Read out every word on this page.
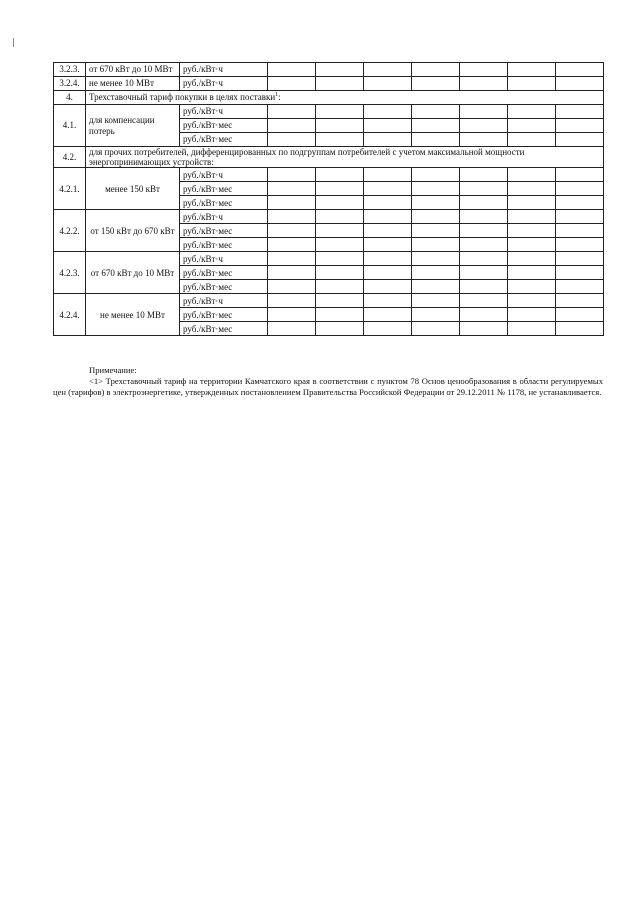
3.2.3.	от 670 кВт до 10 МВт	руб./кВт·ч							
3.2.4.	не менее 10 МВт	руб./кВт·ч							
4.	Трехставочный тариф покупки в целях поставки$^1$:								
4.1.	для компенсации потерь	руб./кВт·ч							
		руб./кВт·мес							
		руб./кВт·мес							
4.2.	для прочих потребителей, дифференцированных по подгруппам потребителей с учетом максимальной мощности энергопринимающих устройств:								
4.2.1.	менее 150 кВт	руб./кВт·ч							
		руб./кВт·мес							
		руб./кВт·мес							
4.2.2.	от 150 кВт до 670 кВт	руб./кВт·ч							
		руб./кВт·мес							
		руб./кВт·мес							
4.2.3.	от 670 кВт до 10 МВт	руб./кВт·ч							
		руб./кВт·мес							
		руб./кВт·мес							
4.2.4.	не менее 10 МВт	руб./кВт·ч							
		руб./кВт·мес							
		руб./кВт·мес							
Примечание:
<1> Трехставочный тариф на территории Камчатского края в соответствии с пунктом 78 Основ ценообразования в области регулируемых цен (тарифов) в электроэнергетике, утвержденных постановлением Правительства Российской Федерации от 29.12.2011 № 1178, не устанавливается.
